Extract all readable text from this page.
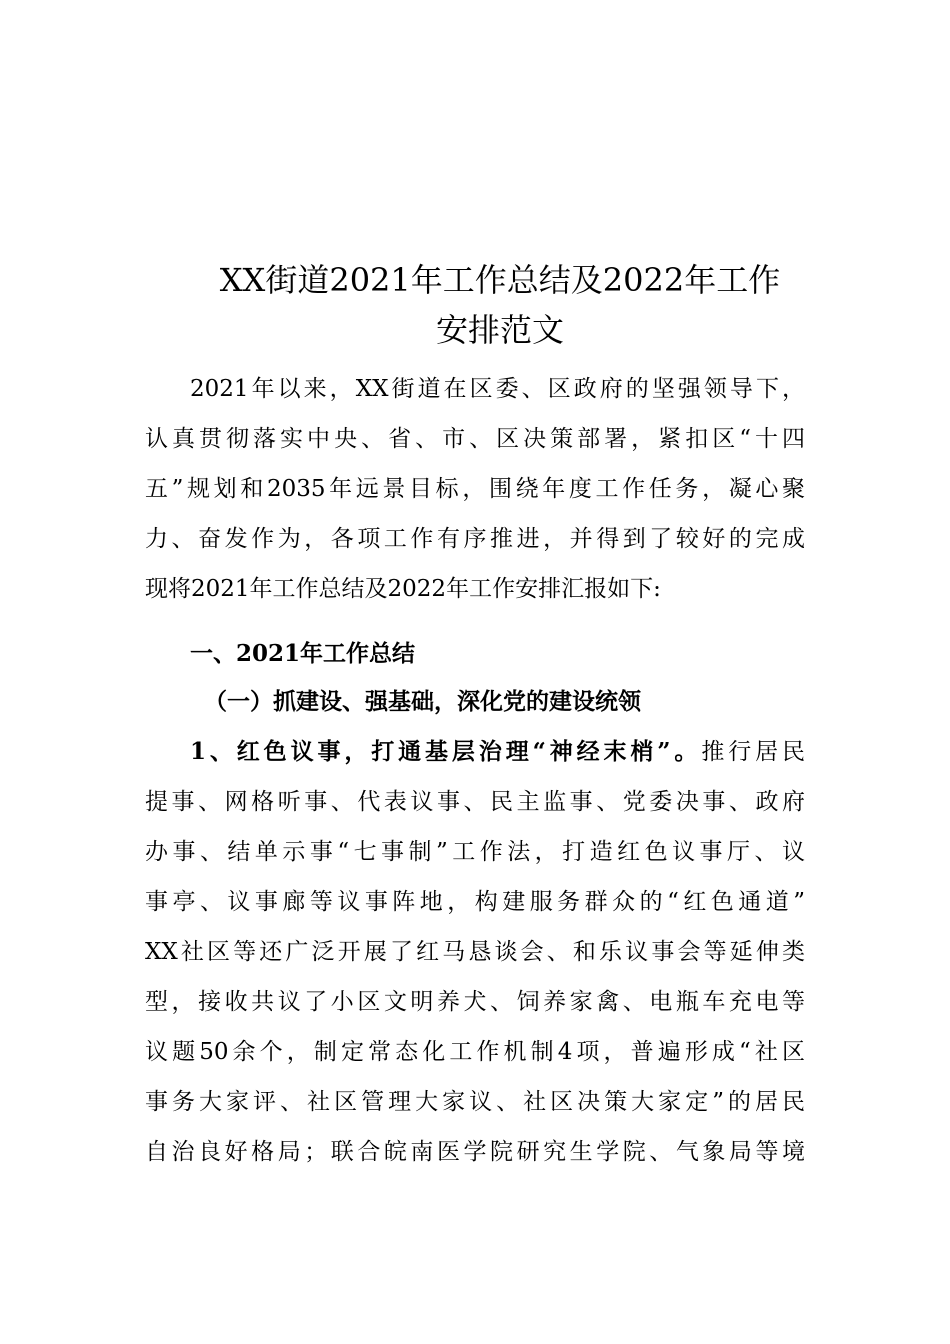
XX街道2021年工作总结及2022年工作
安排范文
2021年以来，XX街道在区委、区政府的坚强领导下，
认真贯彻落实中央、省、市、区决策部署，紧扣区“十四
五”规划和2035年远景目标，围绕年度工作任务，凝心聚
力、奋发作为，各项工作有序推进，并得到了较好的完成
现将2021年工作总结及2022年工作安排汇报如下:
一、2021年工作总结
（一）抓建设、强基础，深化党的建设统领
1、红色议事，打通基层治理“神经末梢”。推行居民
提事、网格听事、代表议事、民主监事、党委决事、政府
办事、结单示事“七事制”工作法，打造红色议事厅、议
事亭、议事廊等议事阵地，构建服务群众的“红色通道”
XX社区等还广泛开展了红马恳谈会、和乐议事会等延伸类
型，接收共议了小区文明养犬、饲养家禽、电瓶车充电等
议题50余个，制定常态化工作机制4项，普遍形成“社区
事务大家评、社区管理大家议、社区决策大家定”的居民
自治良好格局；联合皖南医学院研究生学院、气象局等境
